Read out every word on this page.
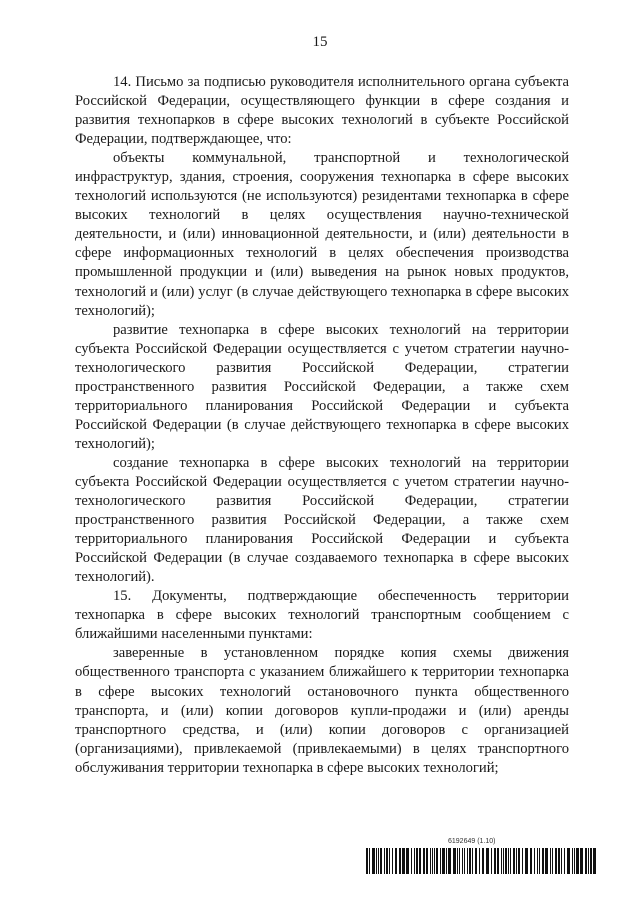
15

14. Письмо за подписью руководителя исполнительного органа субъекта Российской Федерации, осуществляющего функции в сфере создания и развития технопарков в сфере высоких технологий в субъекте Российской Федерации, подтверждающее, что:

объекты коммунальной, транспортной и технологической инфраструктур, здания, строения, сооружения технопарка в сфере высоких технологий используются (не используются) резидентами технопарка в сфере высоких технологий в целях осуществления научно-технической деятельности, и (или) инновационной деятельности, и (или) деятельности в сфере информационных технологий в целях обеспечения производства промышленной продукции и (или) выведения на рынок новых продуктов, технологий и (или) услуг (в случае действующего технопарка в сфере высоких технологий);

развитие технопарка в сфере высоких технологий на территории субъекта Российской Федерации осуществляется с учетом стратегии научно-технологического развития Российской Федерации, стратегии пространственного развития Российской Федерации, а также схем территориального планирования Российской Федерации и субъекта Российской Федерации (в случае действующего технопарка в сфере высоких технологий);

создание технопарка в сфере высоких технологий на территории субъекта Российской Федерации осуществляется с учетом стратегии научно-технологического развития Российской Федерации, стратегии пространственного развития Российской Федерации, а также схем территориального планирования Российской Федерации и субъекта Российской Федерации (в случае создаваемого технопарка в сфере высоких технологий).

15. Документы, подтверждающие обеспеченность территории технопарка в сфере высоких технологий транспортным сообщением с ближайшими населенными пунктами:

заверенные в установленном порядке копия схемы движения общественного транспорта с указанием ближайшего к территории технопарка в сфере высоких технологий остановочного пункта общественного транспорта, и (или) копии договоров купли-продажи и (или) аренды транспортного средства, и (или) копии договоров с организацией (организациями), привлекаемой (привлекаемыми) в целях транспортного обслуживания территории технопарка в сфере высоких технологий;

6192649 (1.10)
